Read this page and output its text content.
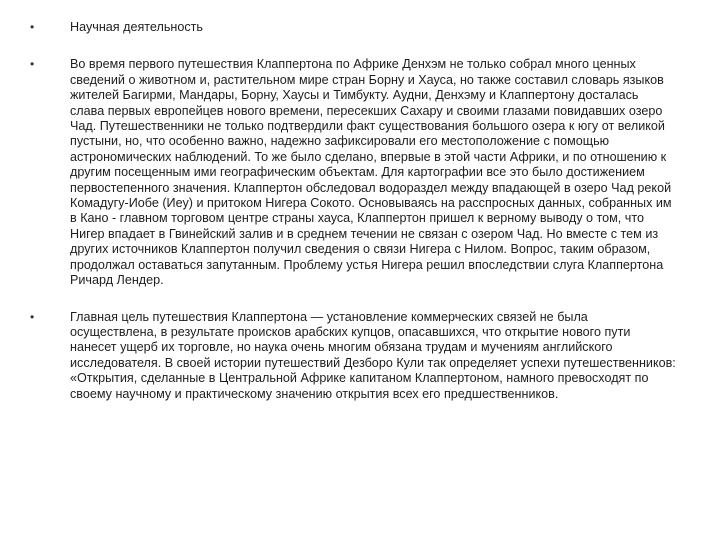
•	Научная деятельность
•	Во время первого путешествия Клаппертона по Африке Денхэм не только собрал много ценных сведений о животном и, растительном мире стран Борну и Хауса, но также составил словарь языков жителей Багирми, Мандары, Борну, Хаусы и Тимбукту. Аудни, Денхэму и Клаппертону досталась слава первых европейцев нового времени, пересекших Сахару и своими глазами повидавших озеро Чад. Путешественники не только подтвердили факт существования большого озера к югу от великой пустыни, но, что особенно важно, надежно зафиксировали его местоположение с помощью астрономических наблюдений. То же было сделано, впервые в этой части Африки, и по отношению к другим посещенным ими географическим объектам. Для картографии все это было достижением первостепенного значения. Клаппертон обследовал водораздел между впадающей в озеро Чад рекой Комадугу-Иобе (Иеу) и притоком Нигера Сокото. Основываясь на расспросных данных, собранных им в Кано - главном торговом центре страны хауса, Клаппертон пришел к верному выводу о том, что Нигер впадает в Гвинейский залив и в среднем течении не связан с озером Чад. Но вместе с тем из других источников Клаппертон получил сведения о связи Нигера с Нилом. Вопрос, таким образом, продолжал оставаться запутанным. Проблему устья Нигера решил впоследствии слуга Клаппертона Ричард Лендер.
•	Главная цель путешествия Клаппертона — установление коммерческих связей не была осуществлена, в результате происков арабских купцов, опасавшихся, что открытие нового пути нанесет ущерб их торговле, но наука очень многим обязана трудам и мучениям английского исследователя. В своей истории путешествий Дезборо Кули так определяет успехи путешественников: «Открытия, сделанные в Центральной Африке капитаном Клаппертоном, намного превосходят по своему научному и практическому значению открытия всех его предшественников.
